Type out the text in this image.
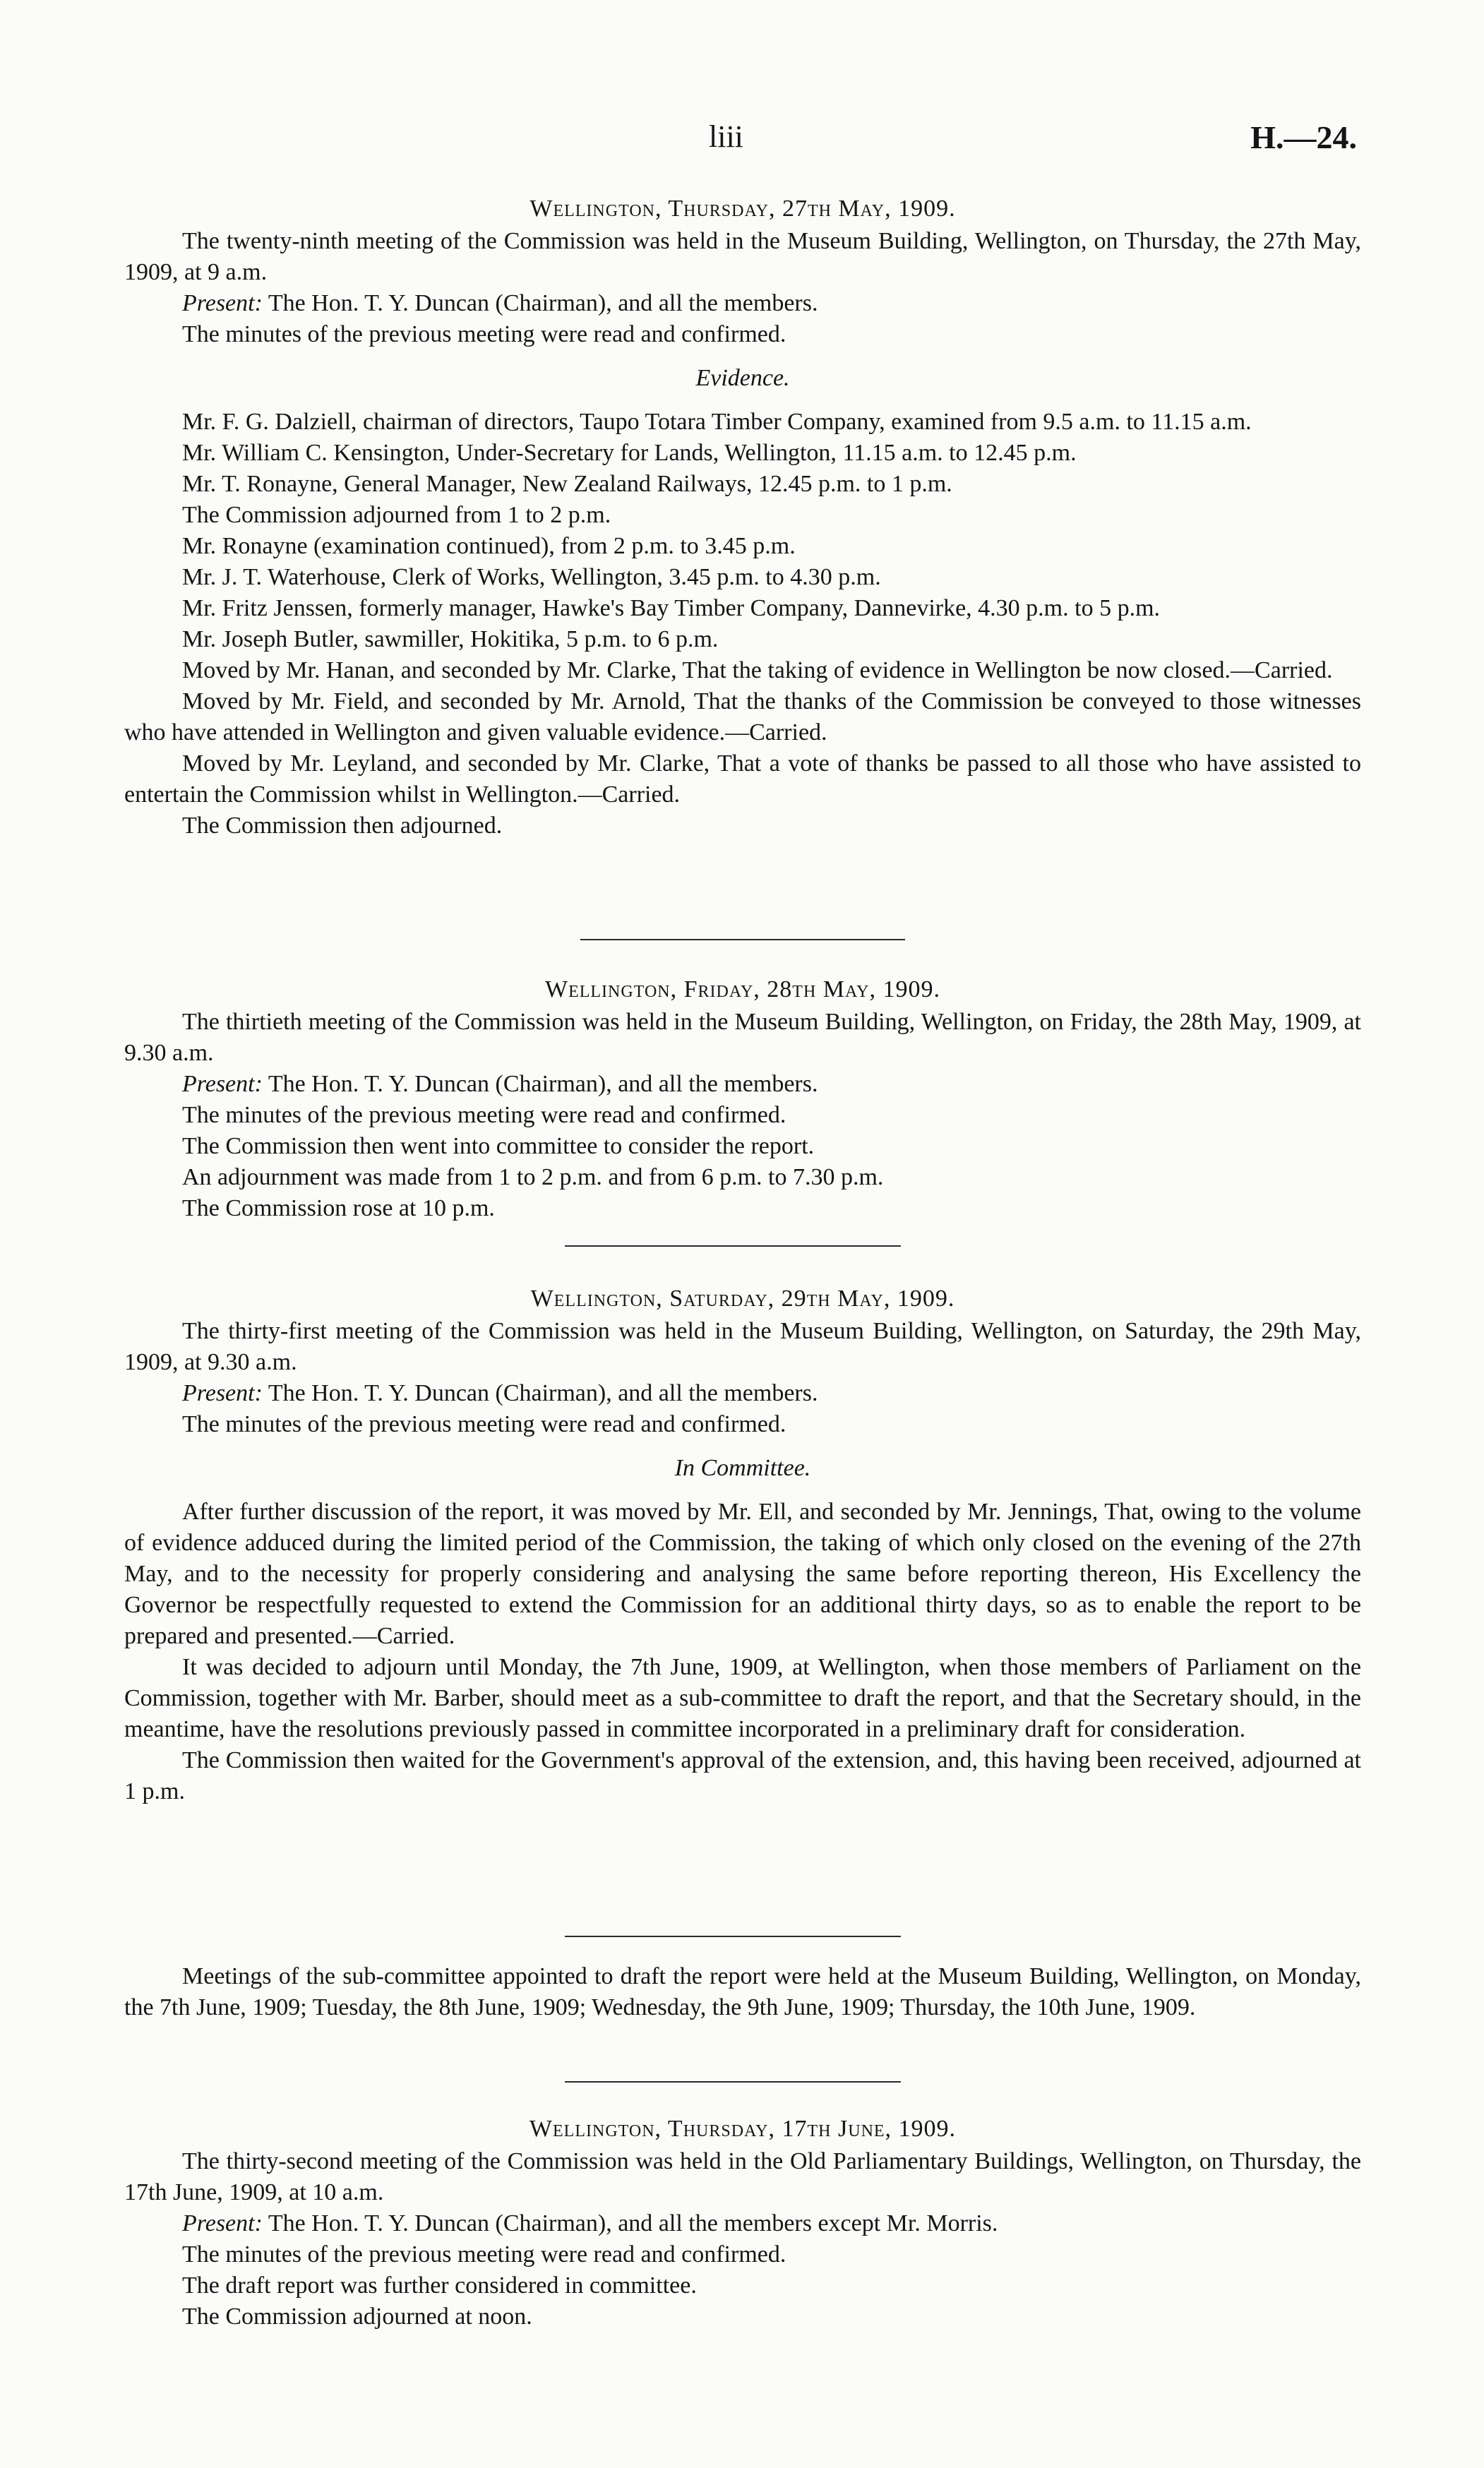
liii	H.—24.
Wellington, Thursday, 27th May, 1909.

The twenty-ninth meeting of the Commission was held in the Museum Building, Wellington, on Thursday, the 27th May, 1909, at 9 a.m.

Present: The Hon. T. Y. Duncan (Chairman), and all the members.

The minutes of the previous meeting were read and confirmed.

Evidence.

Mr. F. G. Dalziell, chairman of directors, Taupo Totara Timber Company, examined from 9.5 a.m. to 11.15 a.m.

Mr. William C. Kensington, Under-Secretary for Lands, Wellington, 11.15 a.m. to 12.45 p.m.

Mr. T. Ronayne, General Manager, New Zealand Railways, 12.45 p.m. to 1 p.m.

The Commission adjourned from 1 to 2 p.m.

Mr. Ronayne (examination continued), from 2 p.m. to 3.45 p.m.

Mr. J. T. Waterhouse, Clerk of Works, Wellington, 3.45 p.m. to 4.30 p.m.

Mr. Fritz Jenssen, formerly manager, Hawke's Bay Timber Company, Dannevirke, 4.30 p.m. to 5 p.m.

Mr. Joseph Butler, sawmiller, Hokitika, 5 p.m. to 6 p.m.

Moved by Mr. Hanan, and seconded by Mr. Clarke, That the taking of evidence in Wellington be now closed.—Carried.

Moved by Mr. Field, and seconded by Mr. Arnold, That the thanks of the Commission be conveyed to those witnesses who have attended in Wellington and given valuable evidence.—Carried.

Moved by Mr. Leyland, and seconded by Mr. Clarke, That a vote of thanks be passed to all those who have assisted to entertain the Commission whilst in Wellington.—Carried.

The Commission then adjourned.

Wellington, Friday, 28th May, 1909.

The thirtieth meeting of the Commission was held in the Museum Building, Wellington, on Friday, the 28th May, 1909, at 9.30 a.m.

Present: The Hon. T. Y. Duncan (Chairman), and all the members.

The minutes of the previous meeting were read and confirmed.

The Commission then went into committee to consider the report.

An adjournment was made from 1 to 2 p.m. and from 6 p.m. to 7.30 p.m.

The Commission rose at 10 p.m.

Wellington, Saturday, 29th May, 1909.

The thirty-first meeting of the Commission was held in the Museum Building, Wellington, on Saturday, the 29th May, 1909, at 9.30 a.m.

Present: The Hon. T. Y. Duncan (Chairman), and all the members.

The minutes of the previous meeting were read and confirmed.

In Committee.

After further discussion of the report, it was moved by Mr. Ell, and seconded by Mr. Jennings, That, owing to the volume of evidence adduced during the limited period of the Commission, the taking of which only closed on the evening of the 27th May, and to the necessity for properly considering and analysing the same before reporting thereon, His Excellency the Governor be respectfully requested to extend the Commission for an additional thirty days, so as to enable the report to be prepared and presented.—Carried.

It was decided to adjourn until Monday, the 7th June, 1909, at Wellington, when those members of Parliament on the Commission, together with Mr. Barber, should meet as a sub-committee to draft the report, and that the Secretary should, in the meantime, have the resolutions previously passed in committee incorporated in a preliminary draft for consideration.

The Commission then waited for the Government's approval of the extension, and, this having been received, adjourned at 1 p.m.

Meetings of the sub-committee appointed to draft the report were held at the Museum Building, Wellington, on Monday, the 7th June, 1909; Tuesday, the 8th June, 1909; Wednesday, the 9th June, 1909; Thursday, the 10th June, 1909.

Wellington, Thursday, 17th June, 1909.

The thirty-second meeting of the Commission was held in the Old Parliamentary Buildings, Wellington, on Thursday, the 17th June, 1909, at 10 a.m.

Present: The Hon. T. Y. Duncan (Chairman), and all the members except Mr. Morris.

The minutes of the previous meeting were read and confirmed.

The draft report was further considered in committee.

The Commission adjourned at noon.
